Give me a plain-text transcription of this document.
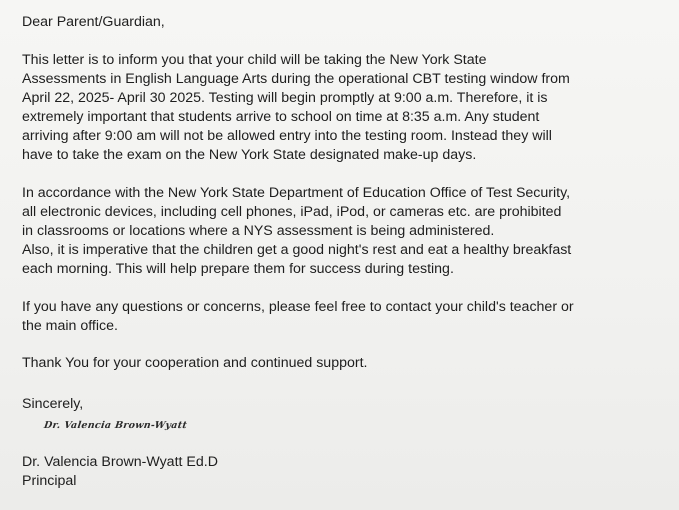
Dear Parent/Guardian,

This letter is to inform you that your child will be taking the New York State
Assessments in English Language Arts during the operational CBT testing window from
April 22, 2025- April 30 2025. Testing will begin promptly at 9:00 a.m. Therefore, it is
extremely important that students arrive to school on time at 8:35 a.m. Any student
arriving after 9:00 am will not be allowed entry into the testing room. Instead they will
have to take the exam on the New York State designated make-up days.

In accordance with the New York State Department of Education Office of Test Security,
all electronic devices, including cell phones, iPad, iPod, or cameras etc. are prohibited
in classrooms or locations where a NYS assessment is being administered.
Also, it is imperative that the children get a good night's rest and eat a healthy breakfast
each morning. This will help prepare them for success during testing.

If you have any questions or concerns, please feel free to contact your child's teacher or
the main office.

Thank You for your cooperation and continued support.

Sincerely,

Dr. Valencia Brown-Wyatt

Dr. Valencia Brown-Wyatt Ed.D
Principal
